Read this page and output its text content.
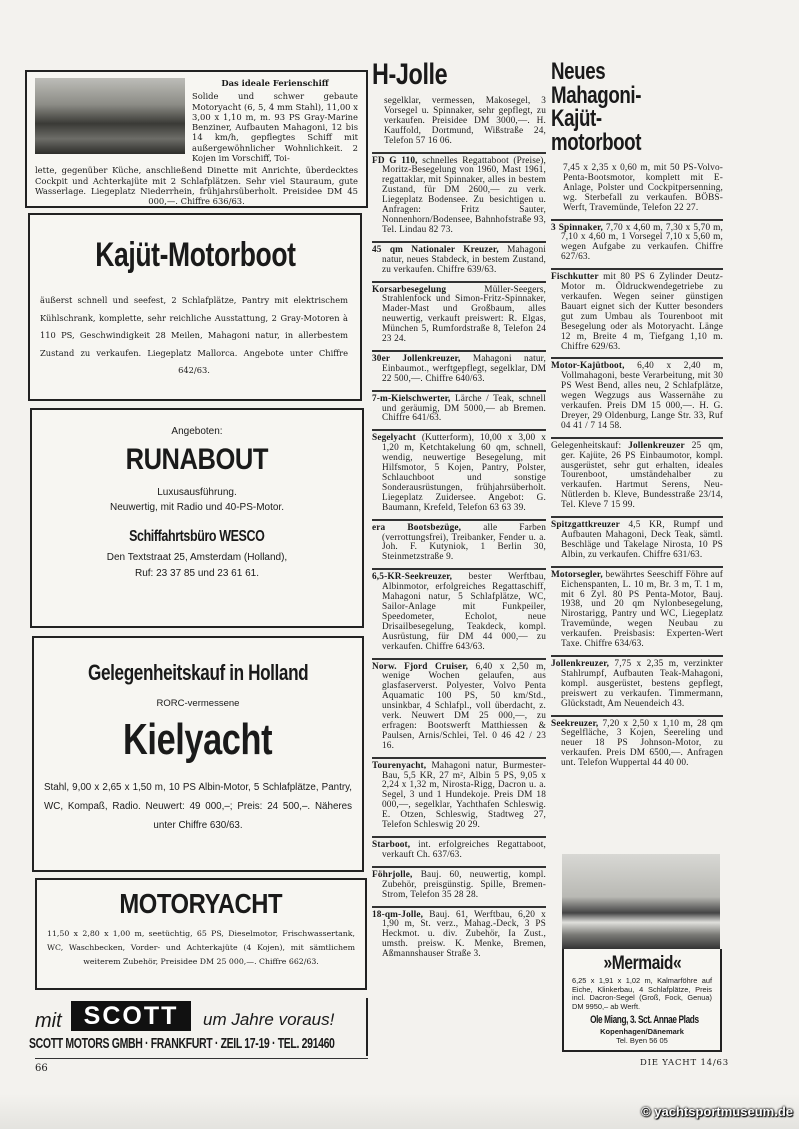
Das ideale Ferienschiff
Solide und schwer gebaute Motoryacht (6, 5, 4 mm Stahl), 11,00 x 3,00 x 1,10 m, m. 93 PS Gray-Marine Benziner, Aufbauten Mahagoni, 12 bis 14 km/h, gepflegtes Schiff mit außergewöhnlicher Wohnlichkeit. 2 Kojen im Vorschiff, Toi-
lette, gegenüber Küche, anschließend Dinette mit Anrichte, überdecktes Cockpit und Achterkajüte mit 2 Schlafplätzen. Sehr viel Stauraum, gute Wasserlage. Liegeplatz Niederrhein, frühjahrsüberholt. Preisidee DM 45 000,—. Chiffre 636/63.
Kajüt-Motorboot
äußerst schnell und seefest, 2 Schlafplätze, Pantry mit elektrischem Kühlschrank, komplette, sehr reichliche Ausstattung, 2 Gray-Motoren à 110 PS, Geschwindigkeit 28 Meilen, Mahagoni natur, in allerbestem Zustand zu verkaufen. Liegeplatz Mallorca. Angebote unter Chiffre 642/63.
Angeboten:
RUNABOUT
Luxusausführung.
Neuwertig, mit Radio und 40-PS-Motor.
Schiffahrtsbüro WESCO
Den Textstraat 25, Amsterdam (Holland),
Ruf: 23 37 85 und 23 61 61.
Gelegenheitskauf in Holland
RORC-vermessene
Kielyacht
Stahl, 9,00 x 2,65 x 1,50 m, 10 PS Albin-Motor, 5 Schlafplätze, Pantry, WC, Kompaß, Radio. Neuwert: 49 000,–; Preis: 24 500,–. Näheres unter Chiffre 630/63.
MOTORYACHT
11,50 x 2,80 x 1,00 m, seetüchtig, 65 PS, Dieselmotor, Frischwassertank, WC, Waschbecken, Vorder- und Achterkajüte (4 Kojen), mit sämtlichem weiterem Zubehör, Preisidee DM 25 000,—. Chiffre 662/63.
mit SCOTT	um Jahre voraus!
SCOTT MOTORS GMBH · FRANKFURT · ZEIL 17-19 · TEL. 291460
66
H-Jolle
segelklar, vermessen, Makosegel, 3 Vorsegel u. Spinnaker, sehr gepflegt, zu verkaufen. Preisidee DM 3000,—. H. Kauffold, Dortmund, Wißstraße 24, Telefon 57 16 06.
FD G 110, schnelles Regattaboot (Preise), Moritz-Besegelung von 1960, Mast 1961, regattaklar, mit Spinnaker, alles in bestem Zustand, für DM 2600,— zu verk. Liegeplatz Bodensee. Zu besichtigen u. Anfragen: Fritz Sauter, Nonnenhorn/Bodensee, Bahnhofstraße 93, Tel. Lindau 82 73.
45 qm Nationaler Kreuzer, Mahagoni natur, neues Stabdeck, in bestem Zustand, zu verkaufen. Chiffre 639/63.
Korsarbesegelung	Müller-Seegers, Strahlenfock und Simon-Fritz-Spinnaker, Mader-Mast und Großbaum, alles neuwertig, verkauft preiswert: R. Elgas, München 5, Rumfordstraße 8, Telefon 24 23 24.
30er Jollenkreuzer, Mahagoni natur, Einbaumot., werftgepflegt, segelklar, DM 22 500,—. Chiffre 640/63.
7-m-Kielschwerter, Lärche / Teak, schnell und geräumig, DM 5000,— ab Bremen. Chiffre 641/63.
Segelyacht (Kutterform), 10,00 x 3,00 x 1,20 m, Ketchtakelung 60 qm, schnell, wendig, neuwertige Besegelung, mit Hilfsmotor, 5 Kojen, Pantry, Polster, Schlauchboot und sonstige Sonderausrüstungen, frühjahrsüberholt. Liegeplatz Zuidersee. Angebot: G. Baumann, Krefeld, Telefon 63 63 39.
era Bootsbezüge, alle Farben (verrottungsfrei), Treibanker, Fender u. a. Joh. F. Kutyniok, 1 Berlin 30, Steinmetzstraße 9.
6,5-KR-Seekreuzer, bester Werftbau, Albinmotor, erfolgreiches Regattaschiff, Mahagoni natur, 5 Schlafplätze, WC, Sailor-Anlage mit Funkpeiler, Speedometer, Echolot, neue Drisailbesegelung, Teakdeck, kompl. Ausrüstung, für DM 44 000,— zu verkaufen. Chiffre 643/63.
Norw. Fjord Cruiser, 6,40 x 2,50 m, wenige Wochen gelaufen, aus glasfaserverst. Polyester, Volvo Penta Aquamatic 100 PS, 50 km/Std., unsinkbar, 4 Schlafpl., voll überdacht, z. verk. Neuwert DM 25 000,—, zu erfragen: Bootswerft Matthiessen & Paulsen, Arnis/Schlei, Tel. 0 46 42 / 23 16.
Tourenyacht, Mahagoni natur, Burmester-Bau, 5,5 KR, 27 m², Albin 5 PS, 9,05 x 2,24 x 1,32 m, Nirosta-Rigg, Dacron u. a. Segel, 3 und 1 Hundekoje. Preis DM 18 000,—, segelklar, Yachthafen Schleswig. E. Otzen, Schleswig, Stadtweg 27, Telefon Schleswig 20 29.
Starboot, int. erfolgreiches Regattaboot, verkauft Ch. 637/63.
Föhrjolle, Bauj. 60, neuwertig, kompl. Zubehör, preisgünstig. Spille, Bremen-Strom, Telefon 35 28 28.
18-qm-Jolle, Bauj. 61, Werftbau, 6,20 x 1,90 m, St. verz., Mahag.-Deck, 3 PS Heckmot. u. div. Zubehör, Ia Zust., umsth. preisw. K. Menke, Bremen, Aßmannshauser Straße 3.
Neues
Mahagoni-Kajüt-
motorboot
7,45 x 2,35 x 0,60 m, mit 50 PS-Volvo-Penta-Bootsmotor, komplett mit E-Anlage, Polster und Cockpitpersenning, wg. Sterbefall zu verkaufen. BÖBS-Werft, Travemünde, Telefon 22 27.
3 Spinnaker, 7,70 x 4,60 m, 7,30 x 5,70 m, 7,10 x 4,60 m, 1 Vorsegel 7,10 x 5,60 m, wegen Aufgabe zu verkaufen. Chiffre 627/63.
Fischkutter mit 80 PS 6 Zylinder Deutz-Motor m. Öldruckwendegetriebe zu verkaufen. Wegen seiner günstigen Bauart eignet sich der Kutter besonders gut zum Umbau als Tourenboot mit Besegelung oder als Motoryacht. Länge 12 m, Breite 4 m, Tiefgang 1,10 m. Chiffre 629/63.
Motor-Kajütboot, 6,40 x 2,40 m, Vollmahagoni, beste Verarbeitung, mit 30 PS West Bend, alles neu, 2 Schlafplätze, wegen Wegzugs aus Wassernähe zu verkaufen. Preis DM 15 000,—. H. G. Dreyer, 29 Oldenburg, Lange Str. 33, Ruf 04 41 / 7 14 58.
Gelegenheitskauf: Jollenkreuzer 25 qm, ger. Kajüte, 26 PS Einbaumotor, kompl. ausgerüstet, sehr gut erhalten, ideales Tourenboot, umständehalber zu verkaufen. Hartmut Serens, Neu-Nütlerden b. Kleve, Bundesstraße 23/14, Tel. Kleve 7 15 99.
Spitzgattkreuzer 4,5 KR, Rumpf und Aufbauten Mahagoni, Deck Teak, sämtl. Beschläge und Takelage Nirosta, 10 PS Albin, zu verkaufen. Chiffre 631/63.
Motorsegler, bewährtes Seeschiff Föhre auf Eichenspanten, L. 10 m, Br. 3 m, T. 1 m, mit 6 Zyl. 80 PS Penta-Motor, Bauj. 1938, und 20 qm Nylonbesegelung, Nirostarigg, Pantry und WC, Liegeplatz Travemünde, wegen Neubau zu verkaufen. Preisbasis: Experten-Wert Taxe. Chiffre 634/63.
Jollenkreuzer, 7,75 x 2,35 m, verzinkter Stahlrumpf, Aufbauten Teak-Mahagoni, kompl. ausgerüstet, bestens gepflegt, preiswert zu verkaufen. Timmermann, Glückstadt, Am Neuendeich 43.
Seekreuzer, 7,20 x 2,50 x 1,10 m, 28 qm Segelfläche, 3 Kojen, Seereling und neuer 18 PS Johnson-Motor, zu verkaufen. Preis DM 6500,—. Anfragen unt. Telefon Wuppertal 44 40 00.
»Mermaid«
6,25 x 1,91 x 1,02 m, Kalmarföhre auf Eiche, Klinkerbau, 4 Schlafplätze, Preis incl. Dacron-Segel (Groß, Fock, Genua) DM 9950,– ab Werft.
Ole Miang, 3. Sct. Annae Plads
Kopenhagen/Dänemark
Tel. Byen 56 05
DIE YACHT 14/63
© yachtsportmuseum.de
